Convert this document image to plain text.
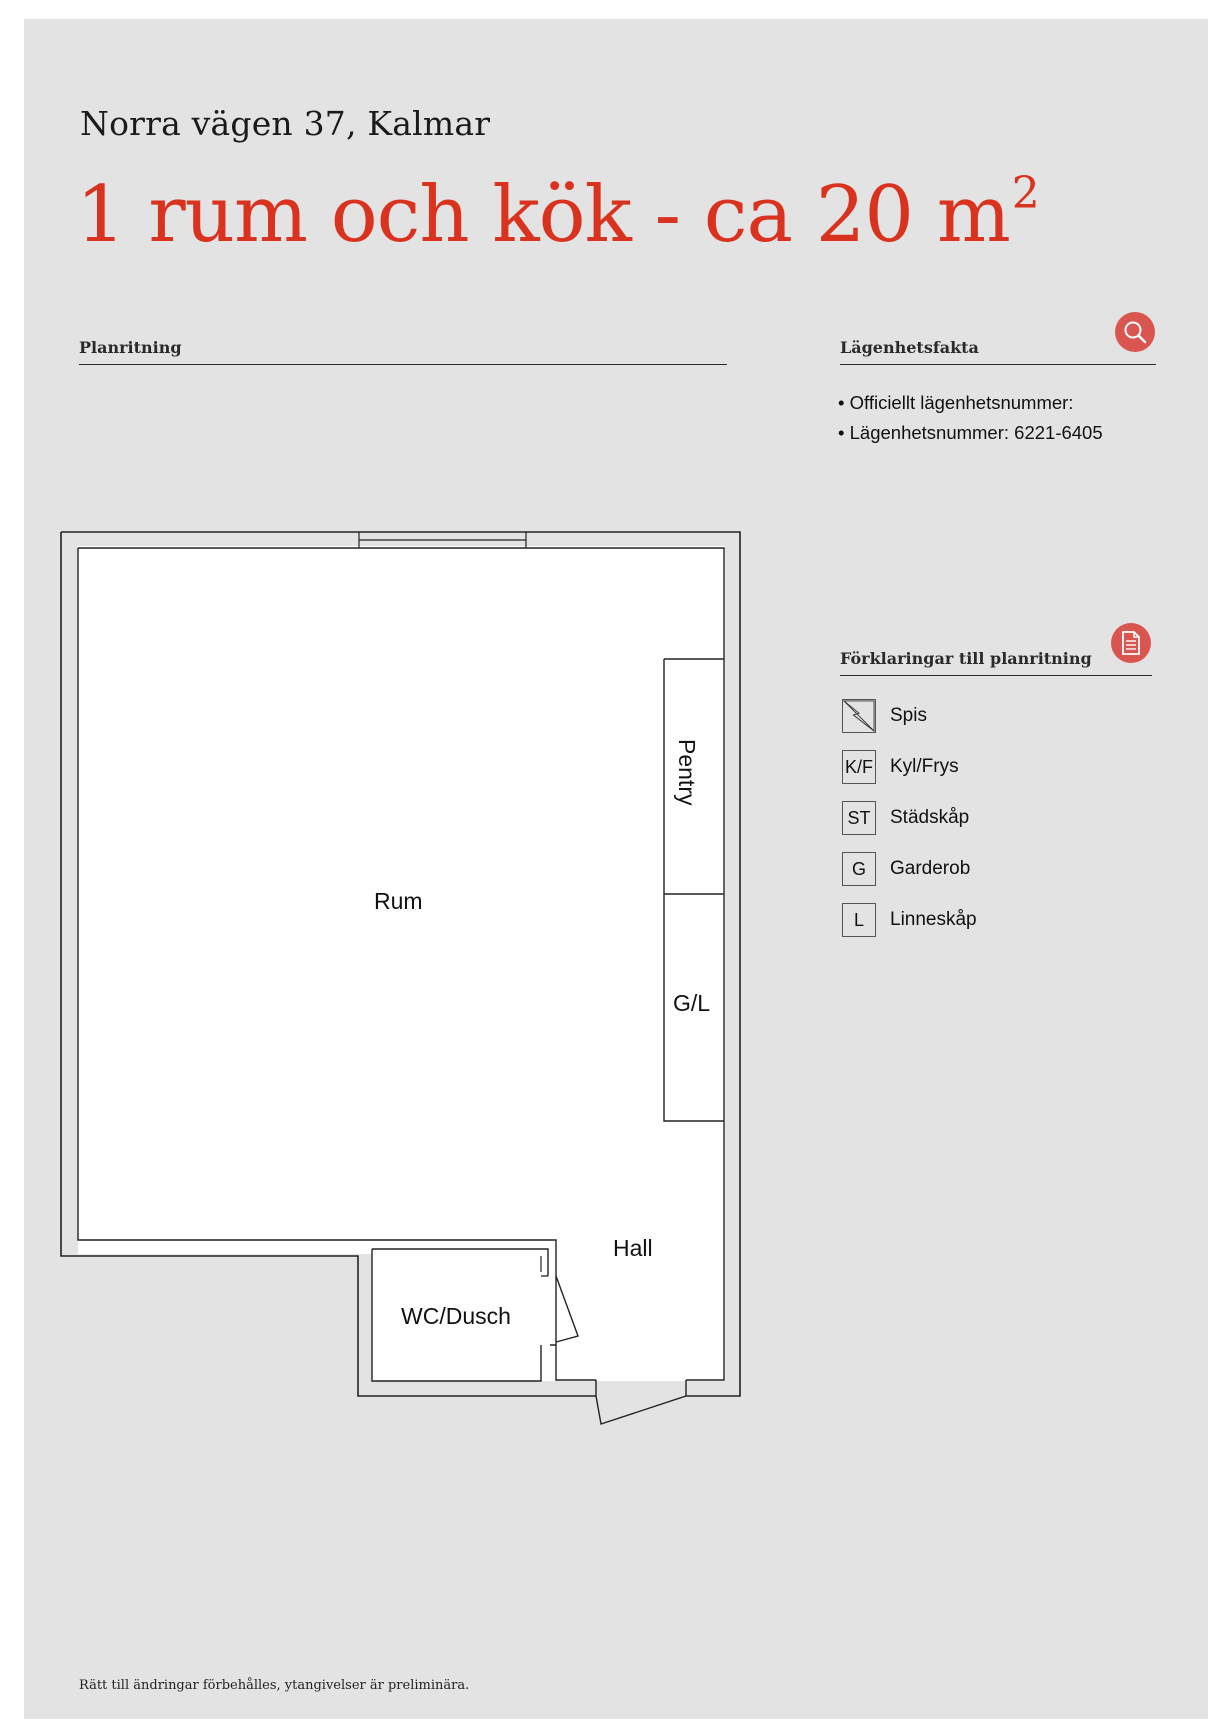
Norra vägen 37, Kalmar
1 rum och kök - ca 20 $m^2$
Planritning	Lägenhetsfakta
• Officiellt lägenhetsnummer:
• Lägenhetsnummer: 6221-6405
Förklaringar till planritning
Spis
K/F Kyl/Frys
ST Städskåp
G	Garderob
L	Linneskåp
Rum
Pentry
G/L
Hall
WC/Dusch
Rätt till ändringar förbehålles, ytangivelser är preliminära.
